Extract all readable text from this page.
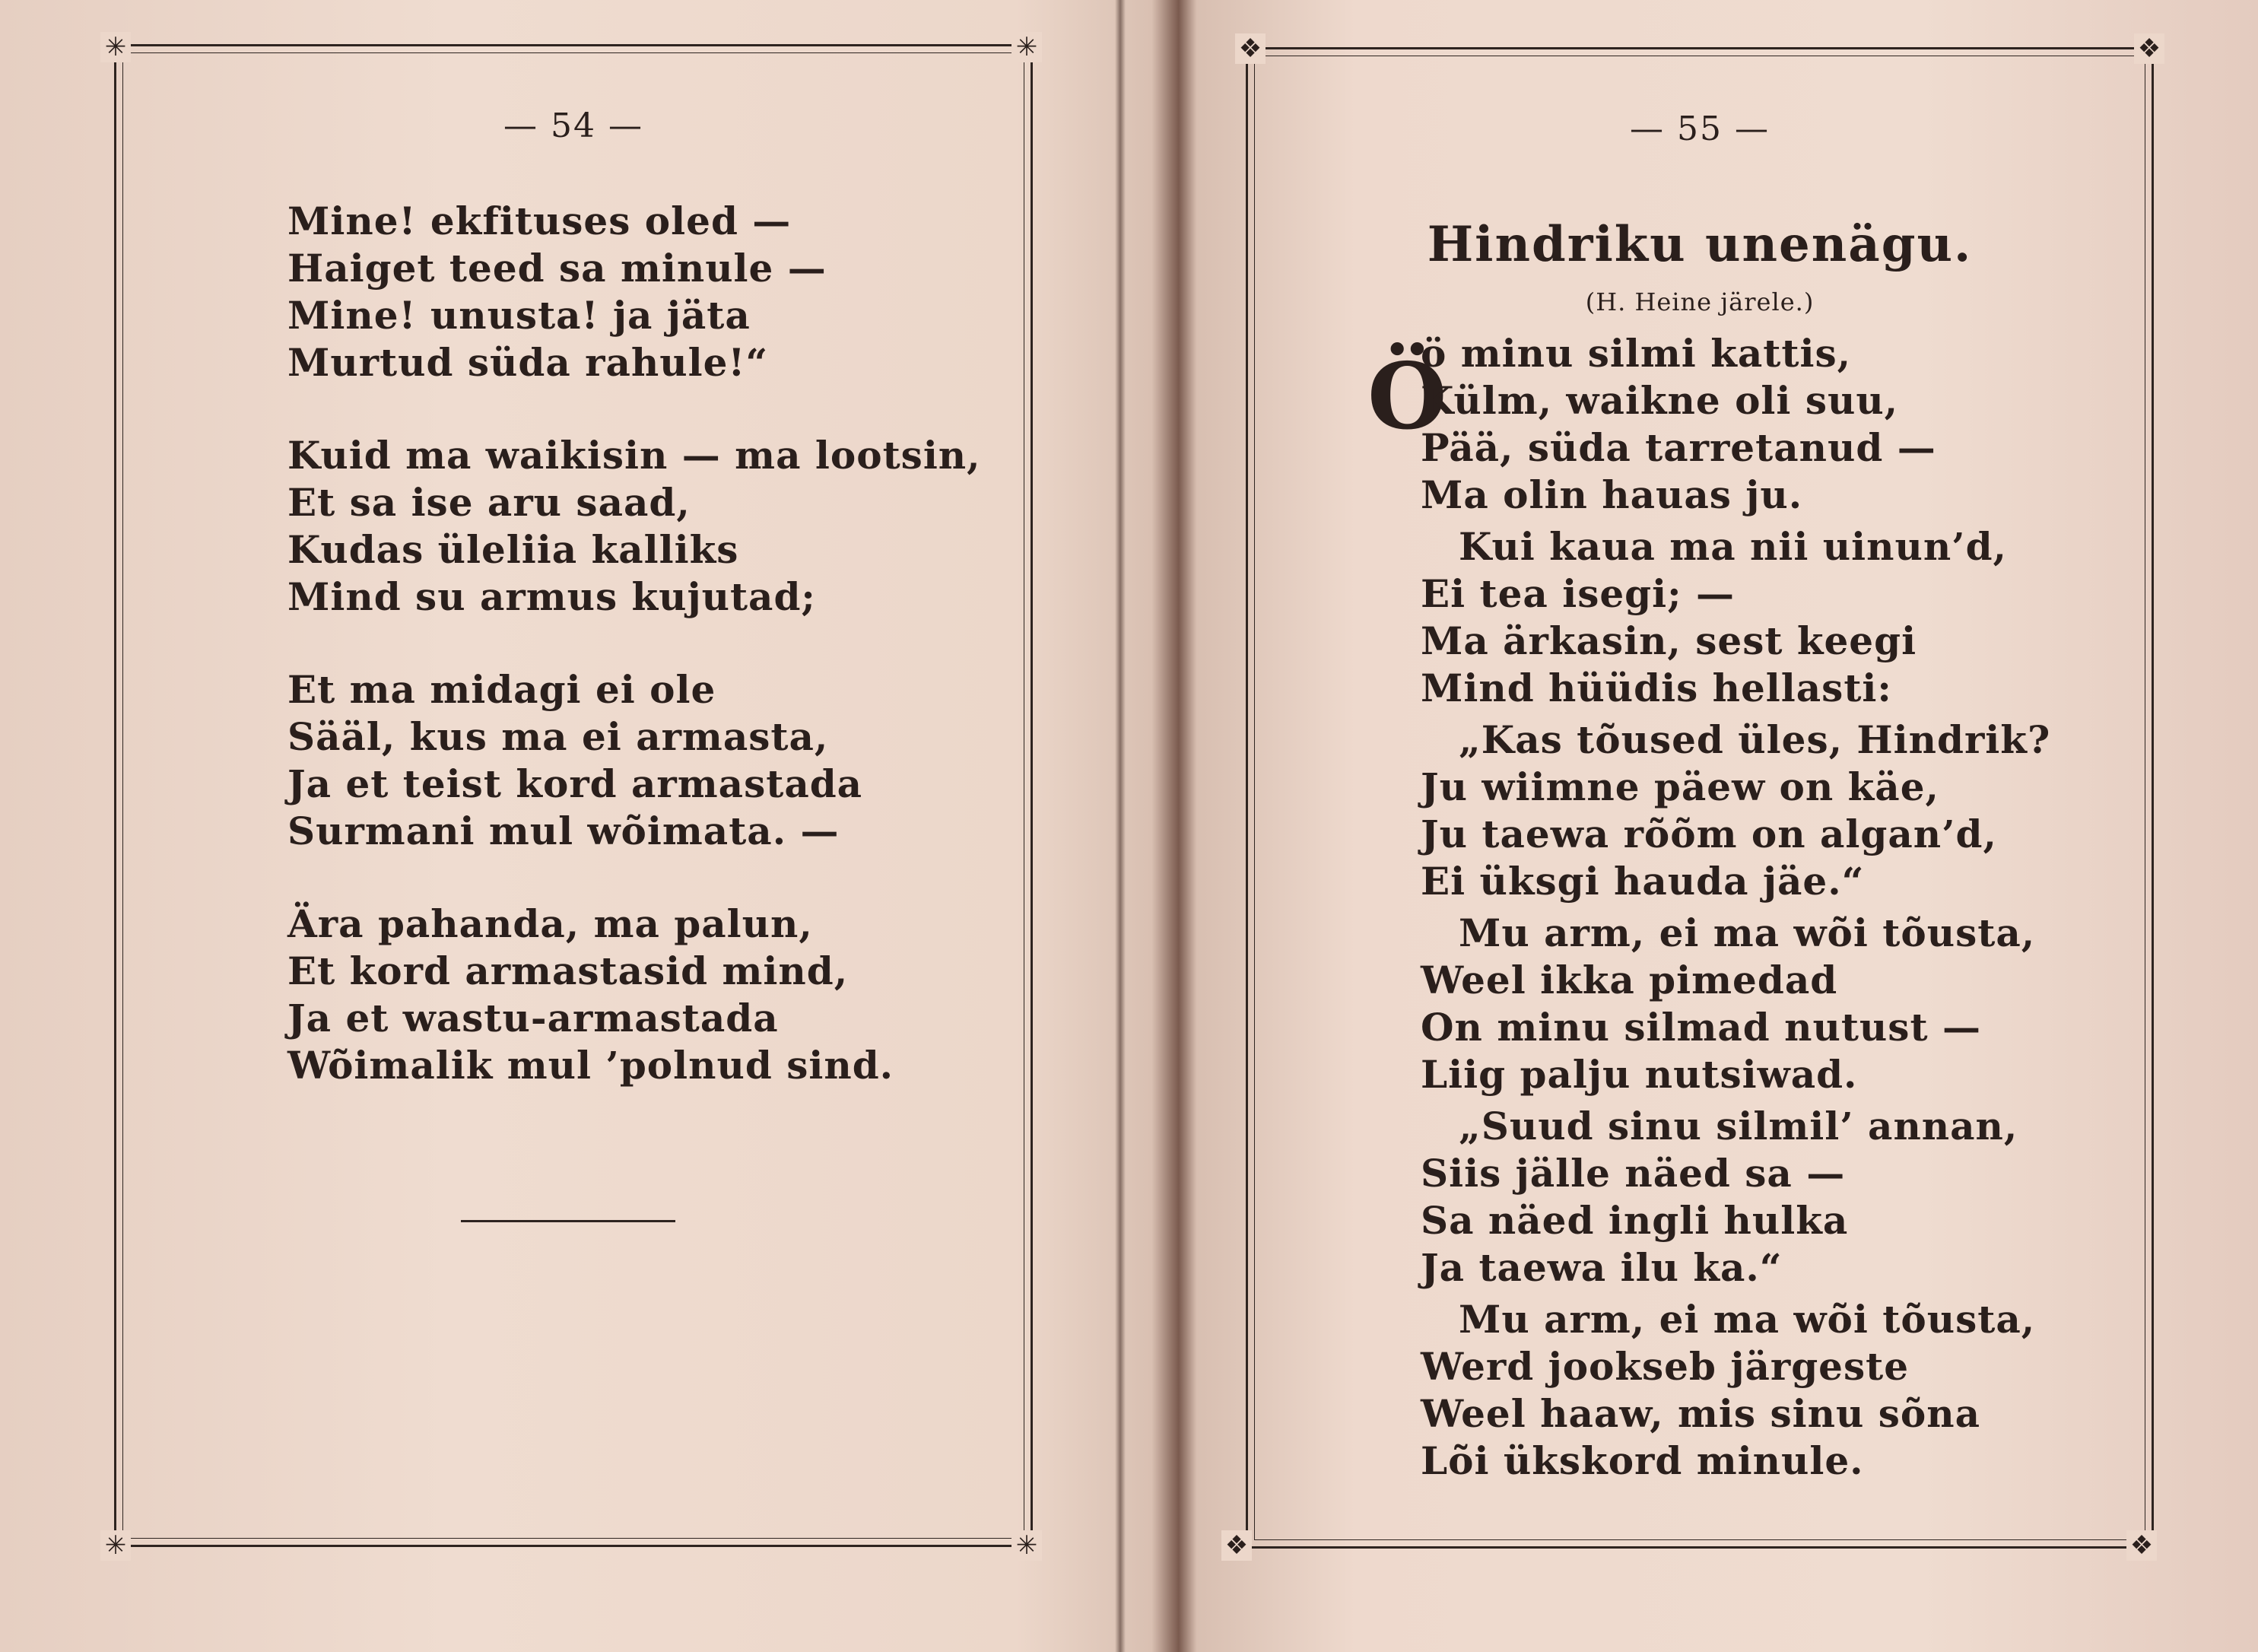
✳	✳
✳	✳
— 54 —
Mine! ekfituses oled —
Haiget teed sa minule —
Mine! unusta! ja jäta
Murtud süda rahule!“
Kuid ma waikisin — ma lootsin,
Et sa ise aru saad,
Kudas üleliia kalliks
Mind su armus kujutad;
Et ma midagi ei ole
Sääl, kus ma ei armasta,
Ja et teist kord armastada
Surmani mul wõimata. —
Ära pahanda, ma palun,
Et kord armastasid mind,
Ja et wastu-armastada
Wõimalik mul ’polnud sind.
❖	❖
❖	❖
— 55 —
Hindriku unenägu.
(H. Heine järele.)
Ö
ö minu silmi kattis,
Külm, waikne oli suu,
Pää, süda tarretanud —
Ma olin hauas ju.
Kui kaua ma nii uinun’d,
Ei tea isegi; —
Ma ärkasin, sest keegi
Mind hüüdis hellasti:
„Kas tõused üles, Hindrik?
Ju wiimne päew on käe,
Ju taewa rõõm on algan’d,
Ei üksgi hauda jäe.“
Mu arm, ei ma wõi tõusta,
Weel ikka pimedad
On minu silmad nutust —
Liig palju nutsiwad.
„Suud sinu silmil’ annan,
Siis jälle näed sa —
Sa näed ingli hulka
Ja taewa ilu ka.“
Mu arm, ei ma wõi tõusta,
Werd jookseb järgeste
Weel haaw, mis sinu sõna
Lõi ükskord minule.
